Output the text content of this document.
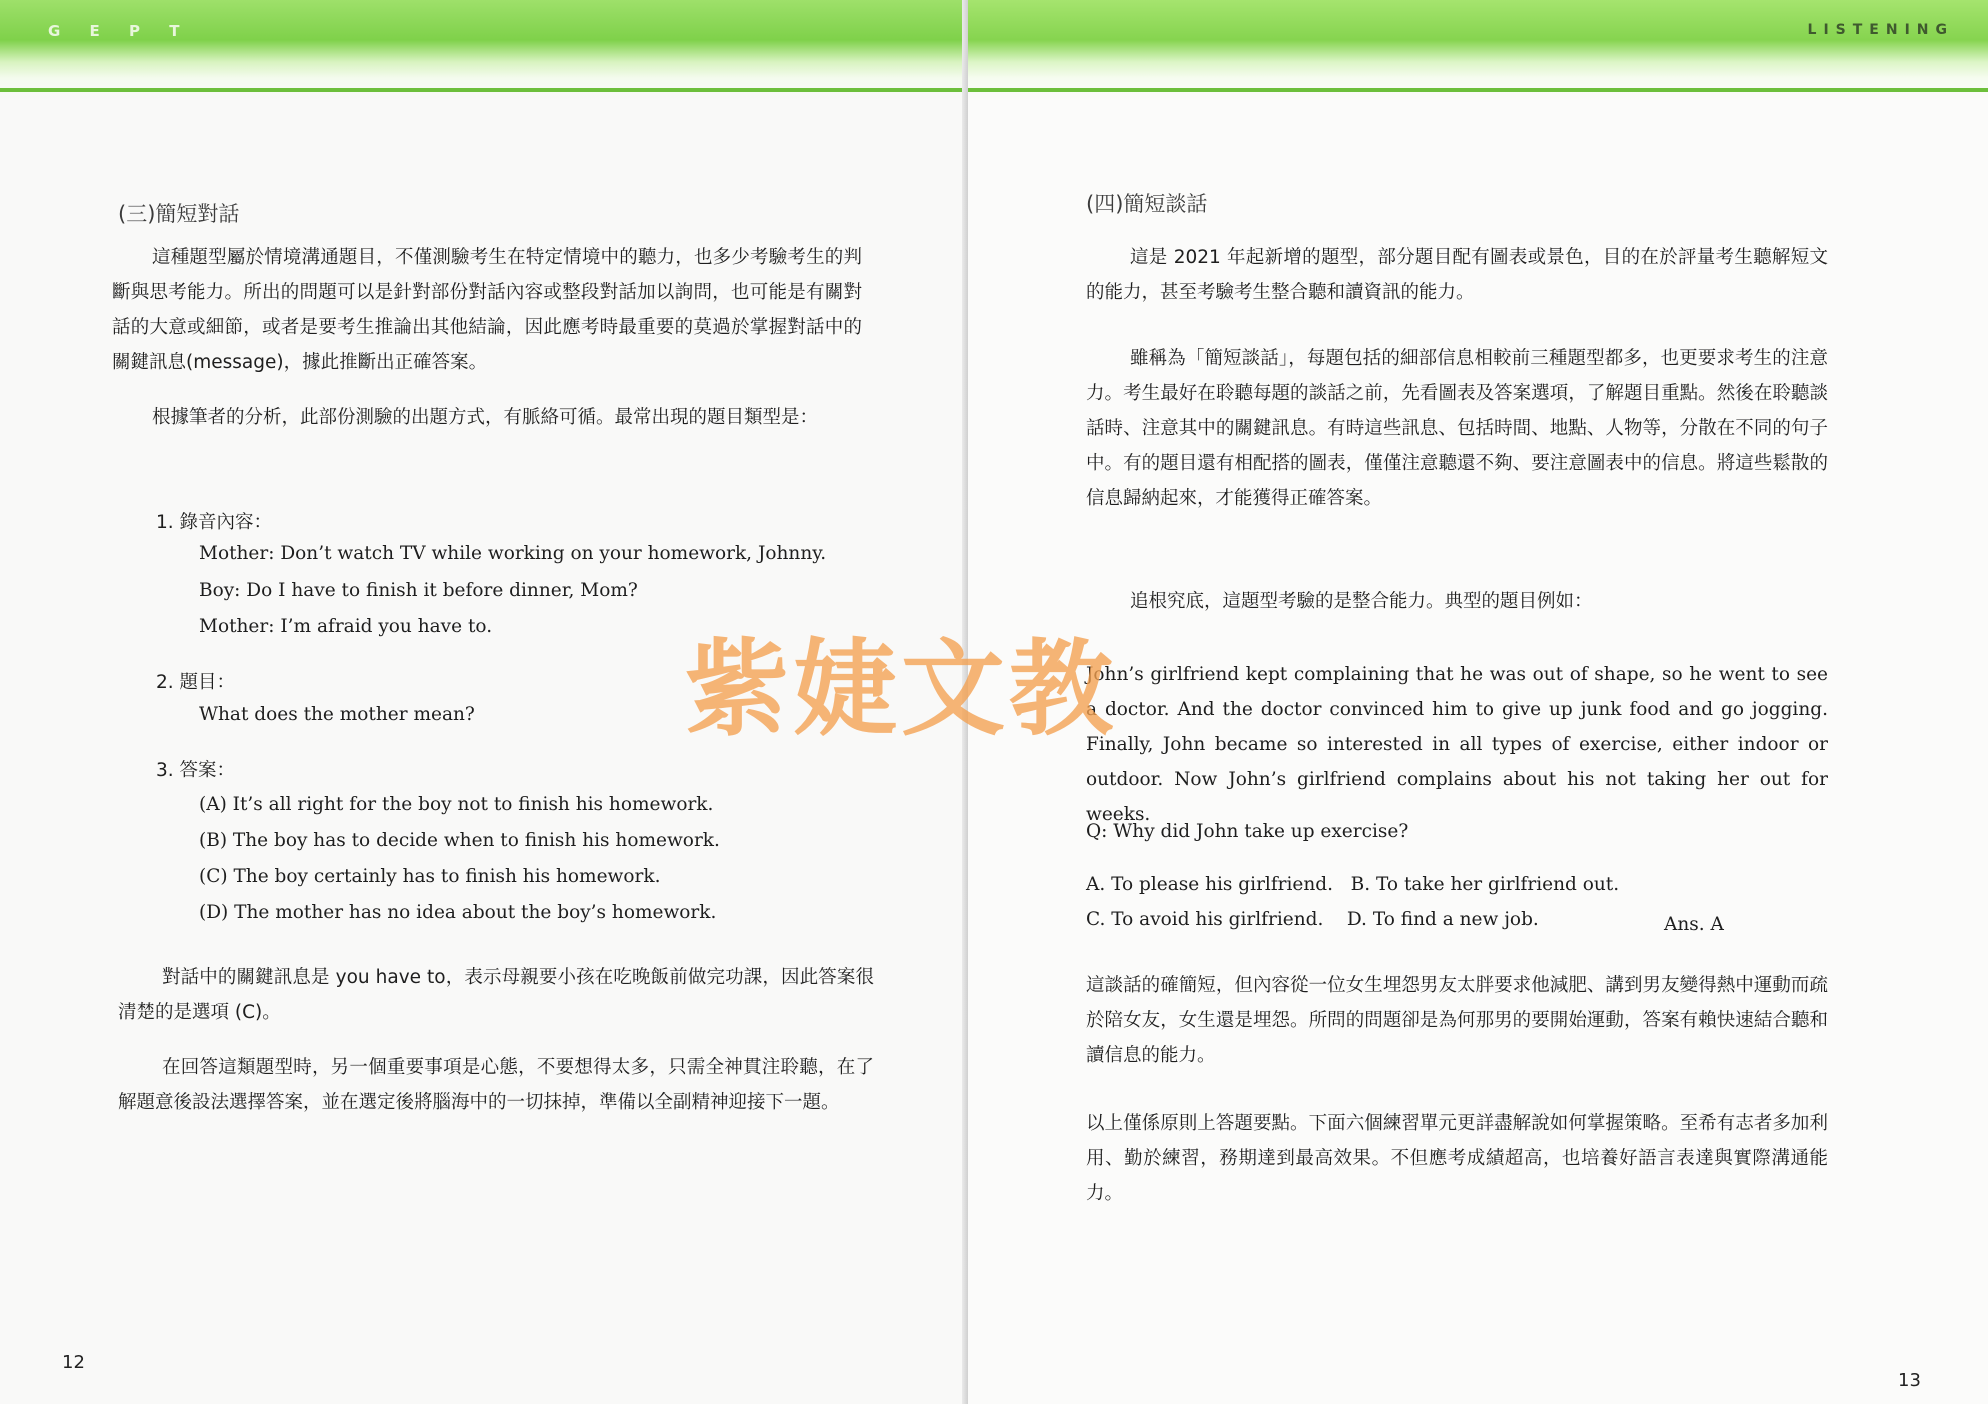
G E P T
(三)簡短對話
這種題型屬於情境溝通題目，不僅測驗考生在特定情境中的聽力，也多少考驗考生的判斷與思考能力。所出的問題可以是針對部份對話內容或整段對話加以詢問，也可能是有關對話的大意或細節，或者是要考生推論出其他結論，因此應考時最重要的莫過於掌握對話中的關鍵訊息(message)，據此推斷出正確答案。
根據筆者的分析，此部份測驗的出題方式，有脈絡可循。最常出現的題目類型是：
1. 錄音內容：
Mother: Don’t watch TV while working on your homework, Johnny.
Boy: Do I have to finish it before dinner, Mom?
Mother: I’m afraid you have to.
2. 題目：
What does the mother mean?
3. 答案：
(A) It’s all right for the boy not to finish his homework.
(B) The boy has to decide when to finish his homework.
(C) The boy certainly has to finish his homework.
(D) The mother has no idea about the boy’s homework.
對話中的關鍵訊息是 you have to，表示母親要小孩在吃晚飯前做完功課，因此答案很清楚的是選項 (C)。
在回答這類題型時，另一個重要事項是心態，不要想得太多，只需全神貫注聆聽，在了解題意後設法選擇答案，並在選定後將腦海中的一切抹掉，準備以全副精神迎接下一題。
12
LISTENING
(四)簡短談話
這是 2021 年起新增的題型，部分題目配有圖表或景色，目的在於評量考生聽解短文的能力，甚至考驗考生整合聽和讀資訊的能力。
雖稱為「簡短談話」，每題包括的細部信息相較前三種題型都多，也更要求考生的注意力。考生最好在聆聽每題的談話之前，先看圖表及答案選項，了解題目重點。然後在聆聽談話時、注意其中的關鍵訊息。有時這些訊息、包括時間、地點、人物等，分散在不同的句子中。有的題目還有相配搭的圖表，僅僅注意聽還不夠、要注意圖表中的信息。將這些鬆散的信息歸納起來，才能獲得正確答案。
追根究底，這題型考驗的是整合能力。典型的題目例如：
John’s girlfriend kept complaining that he was out of shape, so he went to see a doctor. And the doctor convinced him to give up junk food and go jogging. Finally, John became so interested in all types of exercise, either indoor or outdoor. Now John’s girlfriend complains about his not taking her out for weeks.
Q: Why did John take up exercise?
A. To please his girlfriend.   B. To take her girlfriend out.
C. To avoid his girlfriend.    D. To find a new job.	Ans. A
這談話的確簡短，但內容從一位女生埋怨男友太胖要求他減肥、講到男友變得熱中運動而疏於陪女友，女生還是埋怨。所問的問題卻是為何那男的要開始運動，答案有賴快速結合聽和讀信息的能力。
以上僅係原則上答題要點。下面六個練習單元更詳盡解說如何掌握策略。至希有志者多加利用、勤於練習，務期達到最高效果。不但應考成績超高，也培養好語言表達與實際溝通能力。
13
紫婕文教
